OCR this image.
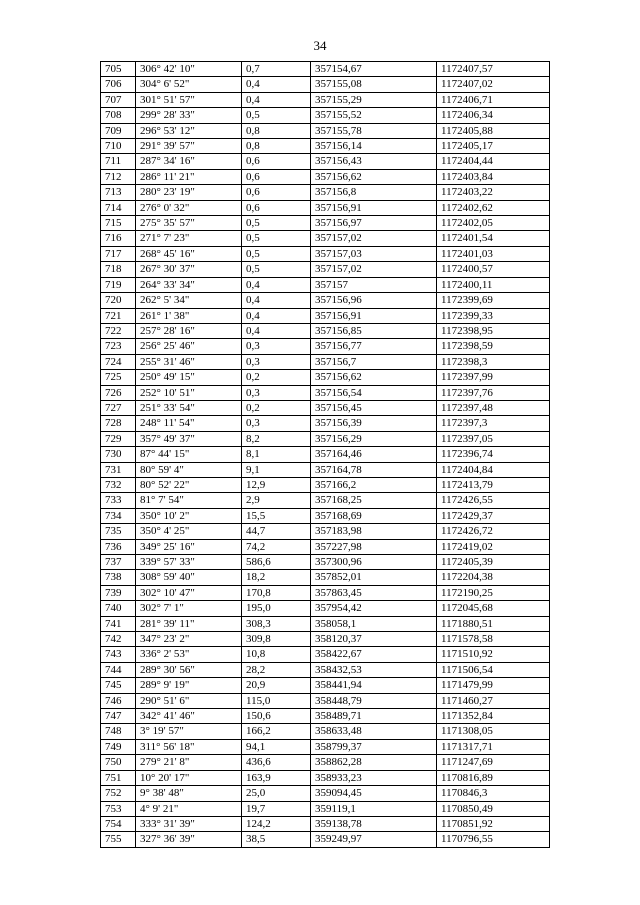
34
705	306° 42' 10"	0,7	357154,67	1172407,57
706	304° 6' 52"	0,4	357155,08	1172407,02
707	301° 51' 57"	0,4	357155,29	1172406,71
708	299° 28' 33"	0,5	357155,52	1172406,34
709	296° 53' 12"	0,8	357155,78	1172405,88
710	291° 39' 57"	0,8	357156,14	1172405,17
711	287° 34' 16"	0,6	357156,43	1172404,44
712	286° 11' 21"	0,6	357156,62	1172403,84
713	280° 23' 19"	0,6	357156,8	1172403,22
714	276° 0' 32"	0,6	357156,91	1172402,62
715	275° 35' 57"	0,5	357156,97	1172402,05
716	271° 7' 23"	0,5	357157,02	1172401,54
717	268° 45' 16"	0,5	357157,03	1172401,03
718	267° 30' 37"	0,5	357157,02	1172400,57
719	264° 33' 34"	0,4	357157	1172400,11
720	262° 5' 34"	0,4	357156,96	1172399,69
721	261° 1' 38"	0,4	357156,91	1172399,33
722	257° 28' 16"	0,4	357156,85	1172398,95
723	256° 25' 46"	0,3	357156,77	1172398,59
724	255° 31' 46"	0,3	357156,7	1172398,3
725	250° 49' 15"	0,2	357156,62	1172397,99
726	252° 10' 51"	0,3	357156,54	1172397,76
727	251° 33' 54"	0,2	357156,45	1172397,48
728	248° 11' 54"	0,3	357156,39	1172397,3
729	357° 49' 37"	8,2	357156,29	1172397,05
730	87° 44' 15"	8,1	357164,46	1172396,74
731	80° 59' 4"	9,1	357164,78	1172404,84
732	80° 52' 22"	12,9	357166,2	1172413,79
733	81° 7' 54"	2,9	357168,25	1172426,55
734	350° 10' 2"	15,5	357168,69	1172429,37
735	350° 4' 25"	44,7	357183,98	1172426,72
736	349° 25' 16"	74,2	357227,98	1172419,02
737	339° 57' 33"	586,6	357300,96	1172405,39
738	308° 59' 40"	18,2	357852,01	1172204,38
739	302° 10' 47"	170,8	357863,45	1172190,25
740	302° 7' 1"	195,0	357954,42	1172045,68
741	281° 39' 11"	308,3	358058,1	1171880,51
742	347° 23' 2"	309,8	358120,37	1171578,58
743	336° 2' 53"	10,8	358422,67	1171510,92
744	289° 30' 56"	28,2	358432,53	1171506,54
745	289° 9' 19"	20,9	358441,94	1171479,99
746	290° 51' 6"	115,0	358448,79	1171460,27
747	342° 41' 46"	150,6	358489,71	1171352,84
748	3° 19' 57"	166,2	358633,48	1171308,05
749	311° 56' 18"	94,1	358799,37	1171317,71
750	279° 21' 8"	436,6	358862,28	1171247,69
751	10° 20' 17"	163,9	358933,23	1170816,89
752	9° 38' 48"	25,0	359094,45	1170846,3
753	4° 9' 21"	19,7	359119,1	1170850,49
754	333° 31' 39"	124,2	359138,78	1170851,92
755	327° 36' 39"	38,5	359249,97	1170796,55
